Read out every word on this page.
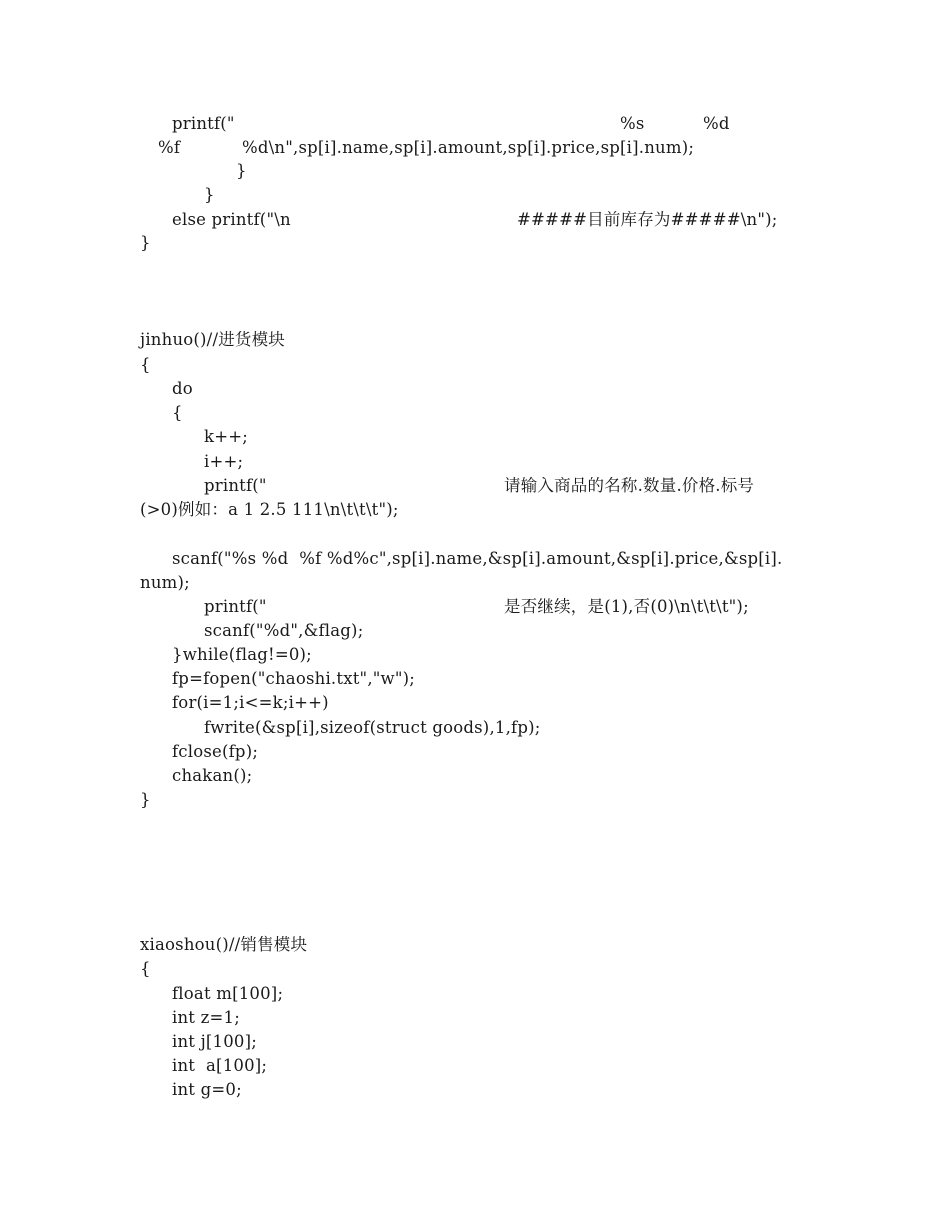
printf("	%s	%d
%f	%d\n",sp[i].name,sp[i].amount,sp[i].price,sp[i].num);
}
}
else printf("\n	#####目前库存为#####\n");
}
jinhuo()//进货模块
{
do
{
k++;
i++;
printf("	请输入商品的名称.数量.价格.标号
(>0)例如：a 1 2.5 111\n\t\t\t");
scanf("%s %d  %f %d%c",sp[i].name,&sp[i].amount,&sp[i].price,&sp[i].
num);
printf("	是否继续，是(1),否(0)\n\t\t\t");
scanf("%d",&flag);
}while(flag!=0);
fp=fopen("chaoshi.txt","w");
for(i=1;i<=k;i++)
fwrite(&sp[i],sizeof(struct goods),1,fp);
fclose(fp);
chakan();
}
xiaoshou()//销售模块
{
float m[100];
int z=1;
int j[100];
int  a[100];
int g=0;
